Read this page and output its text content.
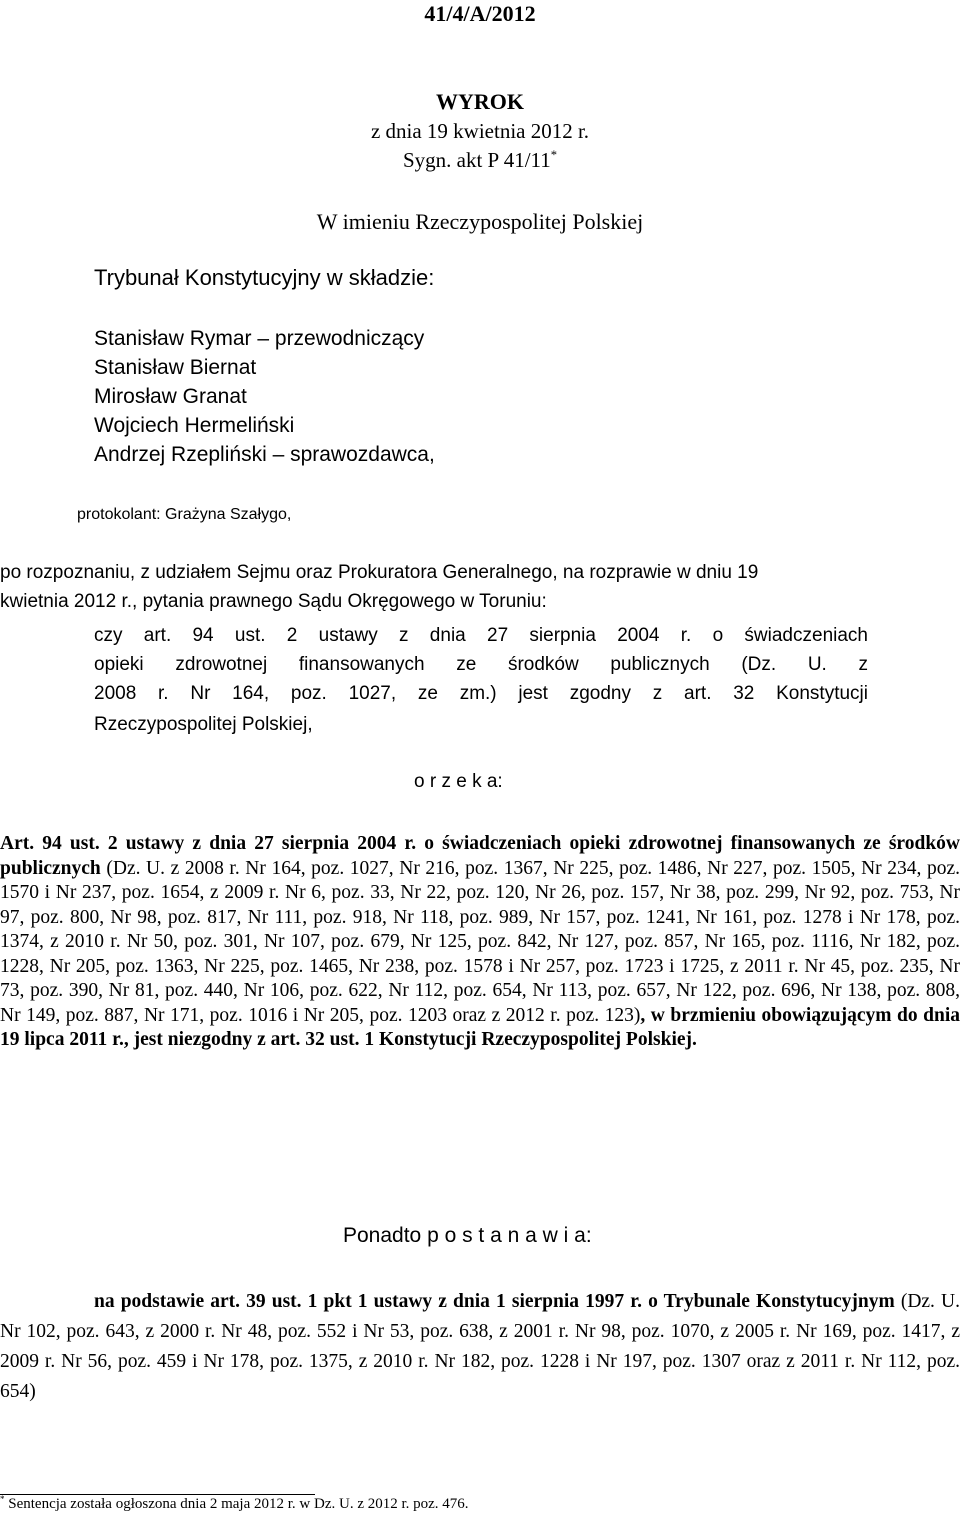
41/4/A/2012
WYROK
z dnia 19 kwietnia 2012 r.
Sygn. akt P 41/11*
W imieniu Rzeczypospolitej Polskiej
Trybunał Konstytucyjny w składzie:
Stanisław Rymar – przewodniczący
Stanisław Biernat
Mirosław Granat
Wojciech Hermeliński
Andrzej Rzepliński – sprawozdawca,
protokolant: Grażyna Szałygo,
po rozpoznaniu, z udziałem Sejmu oraz Prokuratora Generalnego, na rozprawie w dniu 19
kwietnia 2012 r., pytania prawnego Sądu Okręgowego w Toruniu:
czy art. 94 ust. 2 ustawy z dnia 27 sierpnia 2004 r. o świadczeniach
opieki zdrowotnej finansowanych ze środków publicznych (Dz. U. z
2008 r. Nr 164, poz. 1027, ze zm.) jest zgodny z art. 32 Konstytucji
Rzeczypospolitej Polskiej,
o r z e k a:
Art. 94 ust. 2 ustawy z dnia 27 sierpnia 2004 r. o świadczeniach opieki zdrowotnej finansowanych ze środków publicznych (Dz. U. z 2008 r. Nr 164, poz. 1027, Nr 216, poz. 1367, Nr 225, poz. 1486, Nr 227, poz. 1505, Nr 234, poz. 1570 i Nr 237, poz. 1654, z 2009 r. Nr 6, poz. 33, Nr 22, poz. 120, Nr 26, poz. 157, Nr 38, poz. 299, Nr 92, poz. 753, Nr 97, poz. 800, Nr 98, poz. 817, Nr 111, poz. 918, Nr 118, poz. 989, Nr 157, poz. 1241, Nr 161, poz. 1278 i Nr 178, poz. 1374, z 2010 r. Nr 50, poz. 301, Nr 107, poz. 679, Nr 125, poz. 842, Nr 127, poz. 857, Nr 165, poz. 1116, Nr 182, poz. 1228, Nr 205, poz. 1363, Nr 225, poz. 1465, Nr 238, poz. 1578 i Nr 257, poz. 1723 i 1725, z 2011 r. Nr 45, poz. 235, Nr 73, poz. 390, Nr 81, poz. 440, Nr 106, poz. 622, Nr 112, poz. 654, Nr 113, poz. 657, Nr 122, poz. 696, Nr 138, poz. 808, Nr 149, poz. 887, Nr 171, poz. 1016 i Nr 205, poz. 1203 oraz z 2012 r. poz. 123), w brzmieniu obowiązującym do dnia 19 lipca 2011 r., jest niezgodny z art. 32 ust. 1 Konstytucji Rzeczypospolitej Polskiej.
Ponadto p o s t a n a w i a:
na podstawie art. 39 ust. 1 pkt 1 ustawy z dnia 1 sierpnia 1997 r. o Trybunale Konstytucyjnym (Dz. U. Nr 102, poz. 643, z 2000 r. Nr 48, poz. 552 i Nr 53, poz. 638, z 2001 r. Nr 98, poz. 1070, z 2005 r. Nr 169, poz. 1417, z 2009 r. Nr 56, poz. 459 i Nr 178, poz. 1375, z 2010 r. Nr 182, poz. 1228 i Nr 197, poz. 1307 oraz z 2011 r. Nr 112, poz. 654)
* Sentencja została ogłoszona dnia 2 maja 2012 r. w Dz. U. z 2012 r. poz. 476.
